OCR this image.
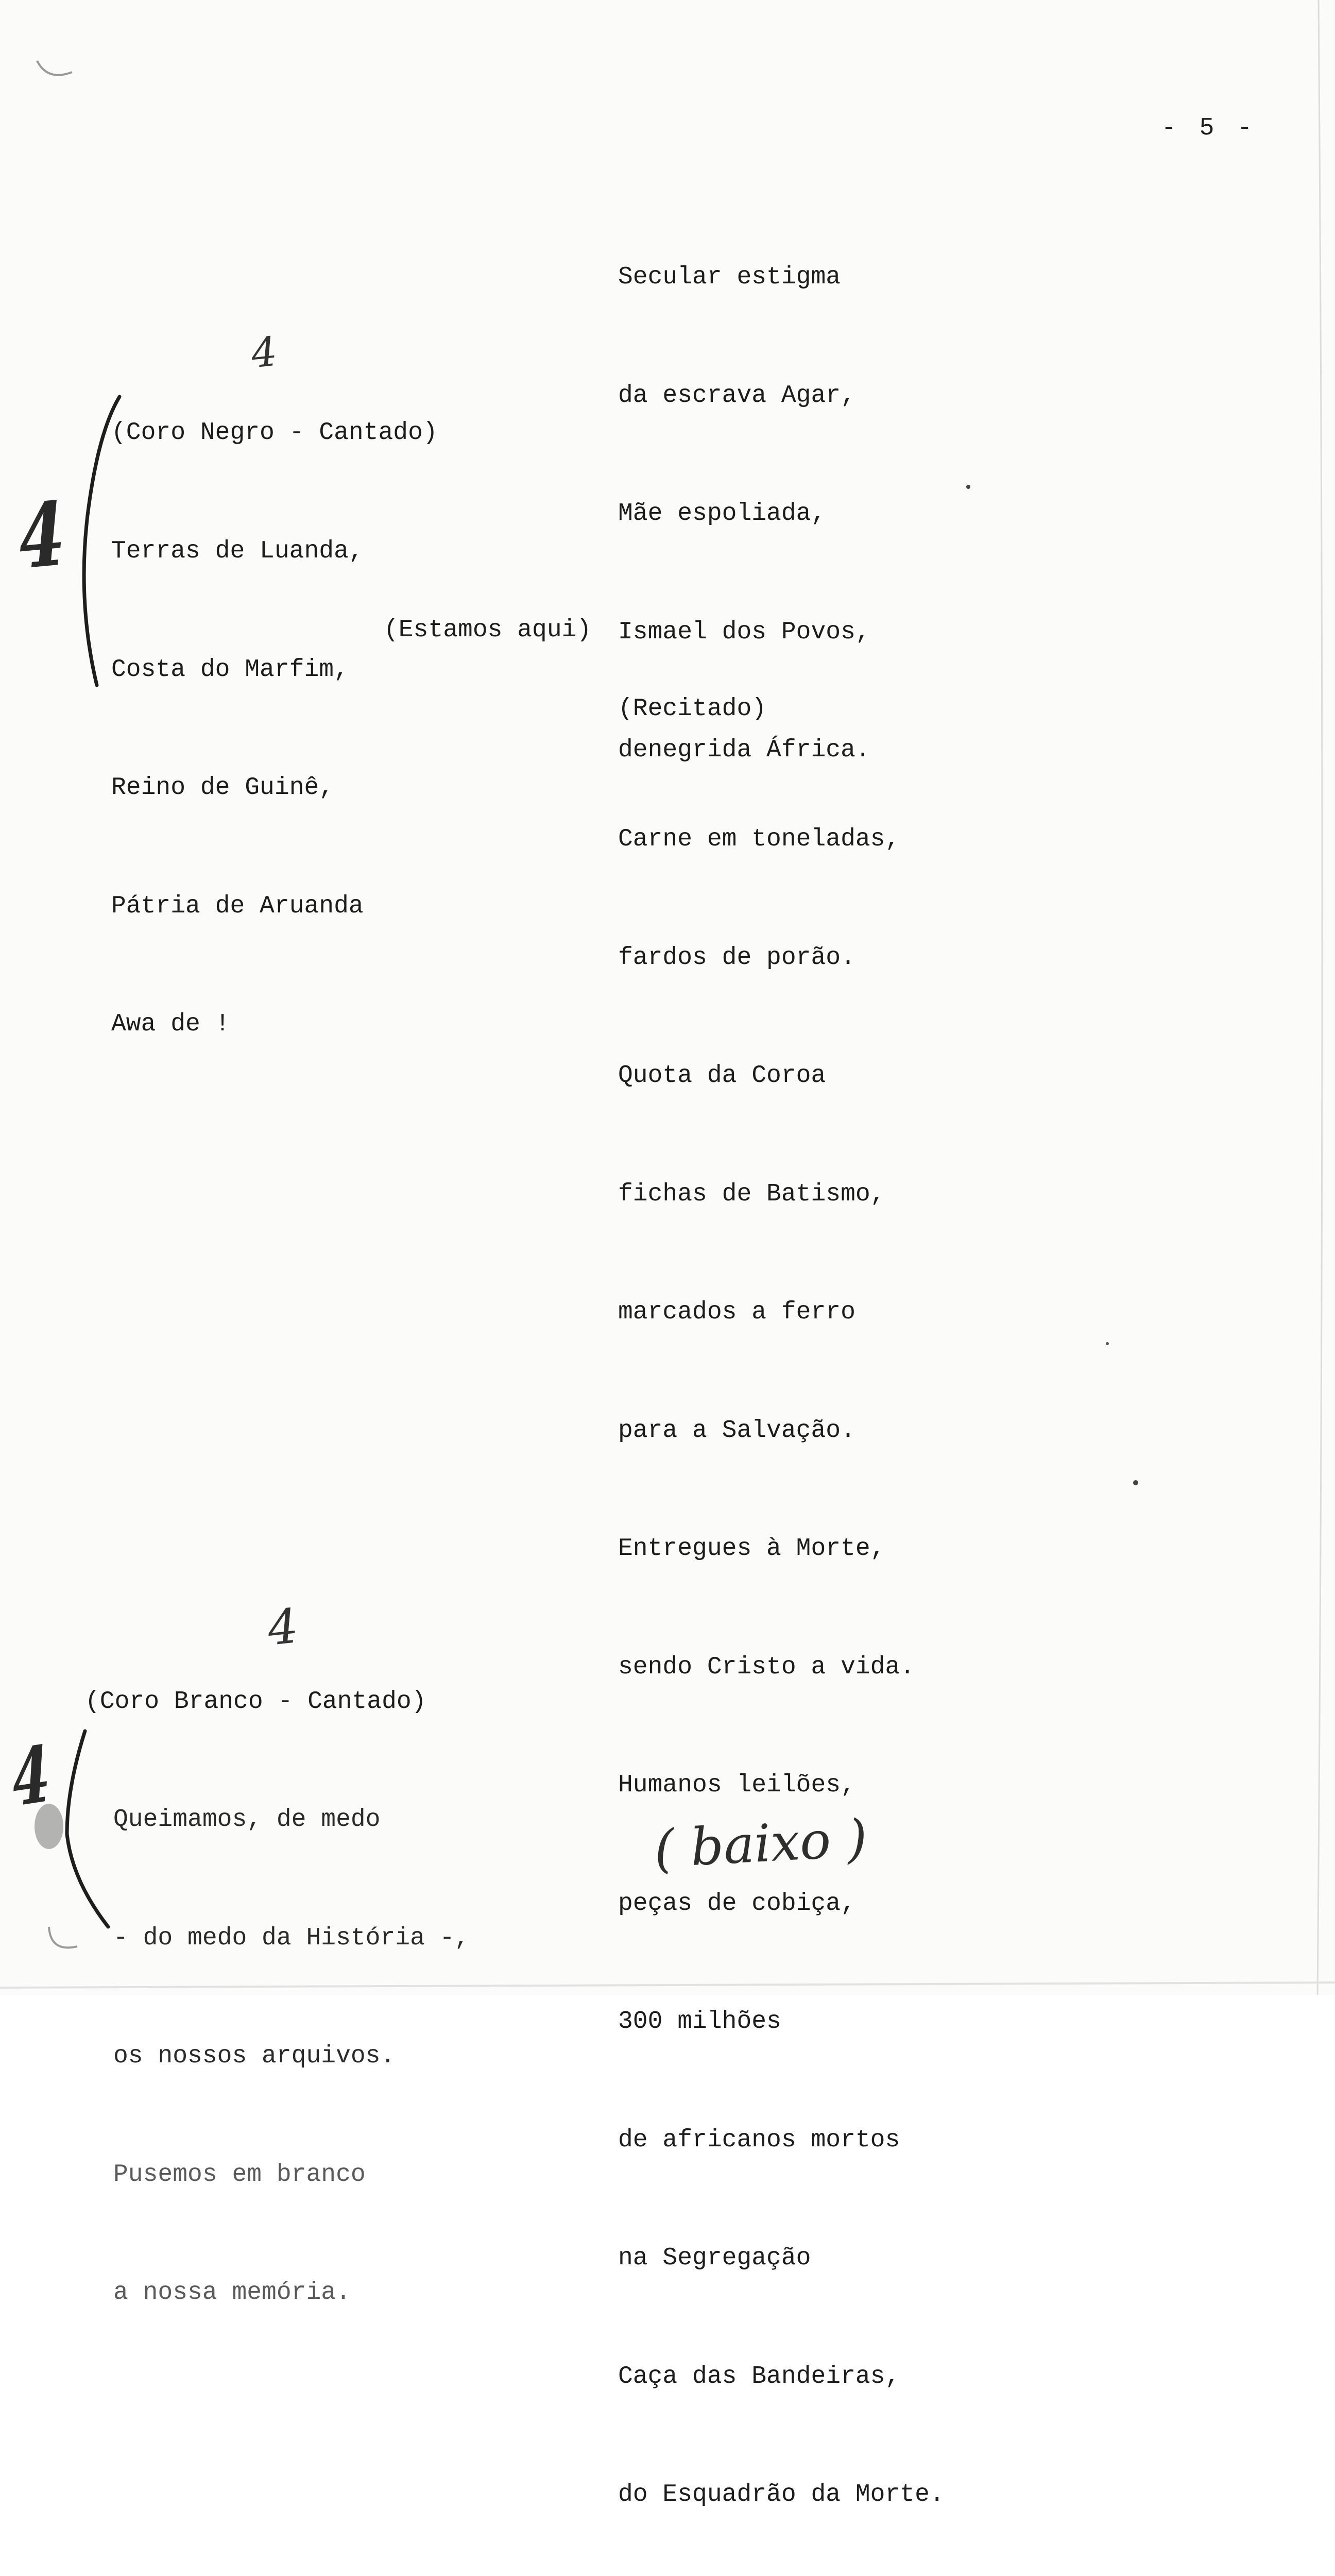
- 5 -

Secular estigma

da escrava Agar,

Mãe espoliada,

Ismael dos Povos,

denegrida África.

4
(Coro Negro - Cantado)
4

Terras de Luanda,

Costa do Marfim,

Reino de Guinê,

Pátria de Aruanda

Awa de !

(Estamos aqui)
(Recitado)

Carne em toneladas,

fardos de porão.

Quota da Coroa

fichas de Batismo,

marcados a ferro

para a Salvação.

Entregues à Morte,

sendo Cristo a vida.

Humanos leilões,

peças de cobiça,

300 milhões

de africanos mortos

na Segregação

Caça das Bandeiras,

do Esquadrão da Morte.

4
(Coro Branco - Cantado)
4

Queimamos, de medo

- do medo da História -,

os nossos arquivos.

Pusemos em branco

a nossa memória.

( baixo )
